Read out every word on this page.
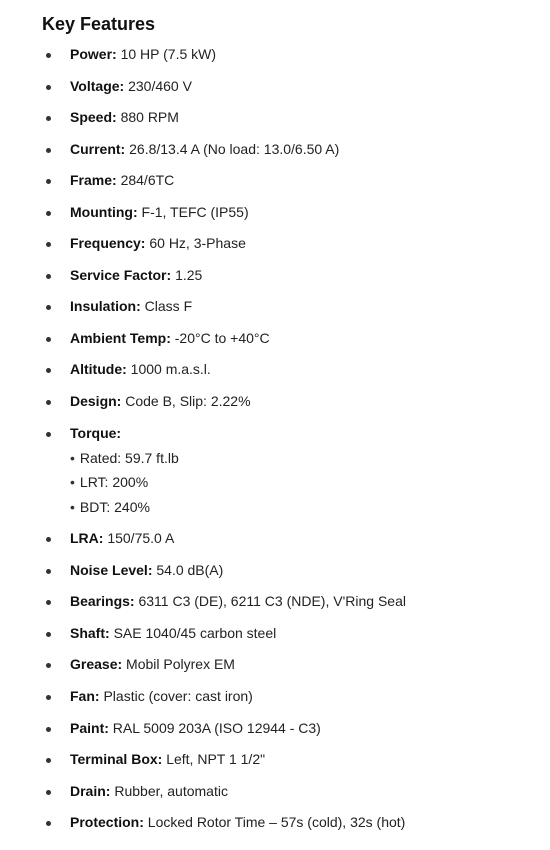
Key Features
Power: 10 HP (7.5 kW)
Voltage: 230/460 V
Speed: 880 RPM
Current: 26.8/13.4 A (No load: 13.0/6.50 A)
Frame: 284/6TC
Mounting: F-1, TEFC (IP55)
Frequency: 60 Hz, 3-Phase
Service Factor: 1.25
Insulation: Class F
Ambient Temp: -20°C to +40°C
Altitude: 1000 m.a.s.l.
Design: Code B, Slip: 2.22%
Torque:
• Rated: 59.7 ft.lb
• LRT: 200%
• BDT: 240%
LRA: 150/75.0 A
Noise Level: 54.0 dB(A)
Bearings: 6311 C3 (DE), 6211 C3 (NDE), V'Ring Seal
Shaft: SAE 1040/45 carbon steel
Grease: Mobil Polyrex EM
Fan: Plastic (cover: cast iron)
Paint: RAL 5009 203A (ISO 12944 - C3)
Terminal Box: Left, NPT 1 1/2"
Drain: Rubber, automatic
Protection: Locked Rotor Time – 57s (cold), 32s (hot)
